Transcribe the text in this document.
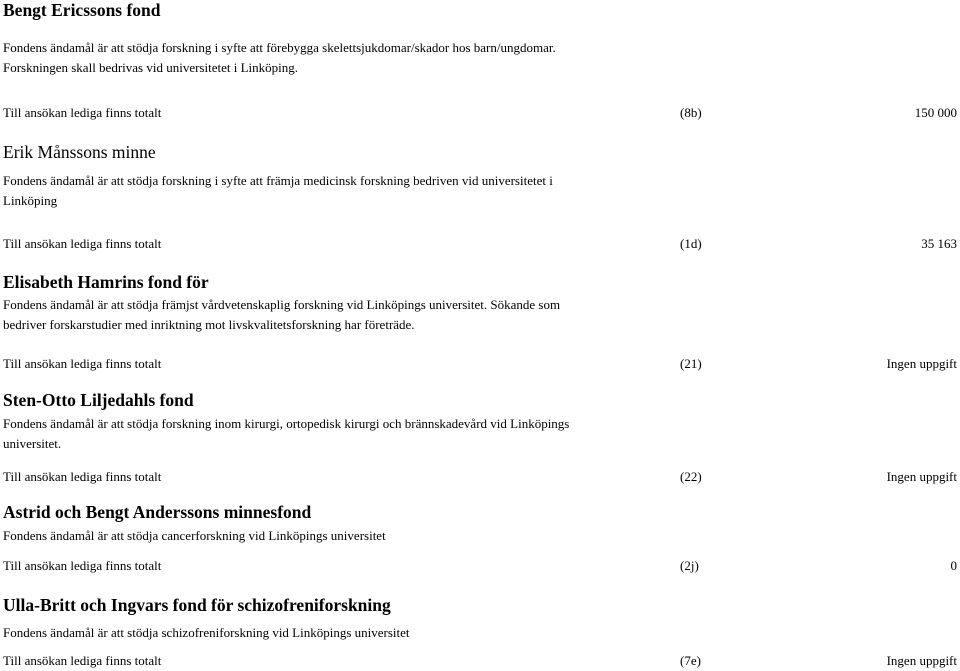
Bengt Ericssons fond
Fondens ändamål är att stödja forskning i syfte att förebygga skelettsjukdomar/skador hos barn/ungdomar.
Forskningen skall bedrivas vid universitetet i Linköping.
Till ansökan lediga finns totalt	(8b)	150 000
Erik Månssons minne
Fondens ändamål är att stödja forskning i syfte att främja medicinsk forskning bedriven vid universitetet i
Linköping
Till ansökan lediga finns totalt	(1d)	35 163
Elisabeth Hamrins fond för
Fondens ändamål är att stödja främjst vårdvetenskaplig forskning vid Linköpings universitet. Sökande som
bedriver forskarstudier med inriktning mot livskvalitetsforskning har företräde.
Till ansökan lediga finns totalt	(21)	Ingen uppgift
Sten-Otto Liljedahls fond
Fondens ändamål är att stödja forskning inom kirurgi, ortopedisk kirurgi och brännskadevård vid Linköpings
universitet.
Till ansökan lediga finns totalt	(22)	Ingen uppgift
Astrid och Bengt Anderssons minnesfond
Fondens ändamål är att stödja cancerforskning vid Linköpings universitet
Till ansökan lediga finns totalt	(2j)	0
Ulla-Britt och Ingvars fond för schizofreniforskning
Fondens ändamål är att stödja schizofreniforskning vid Linköpings universitet
Till ansökan lediga finns totalt	(7e)	Ingen uppgift
